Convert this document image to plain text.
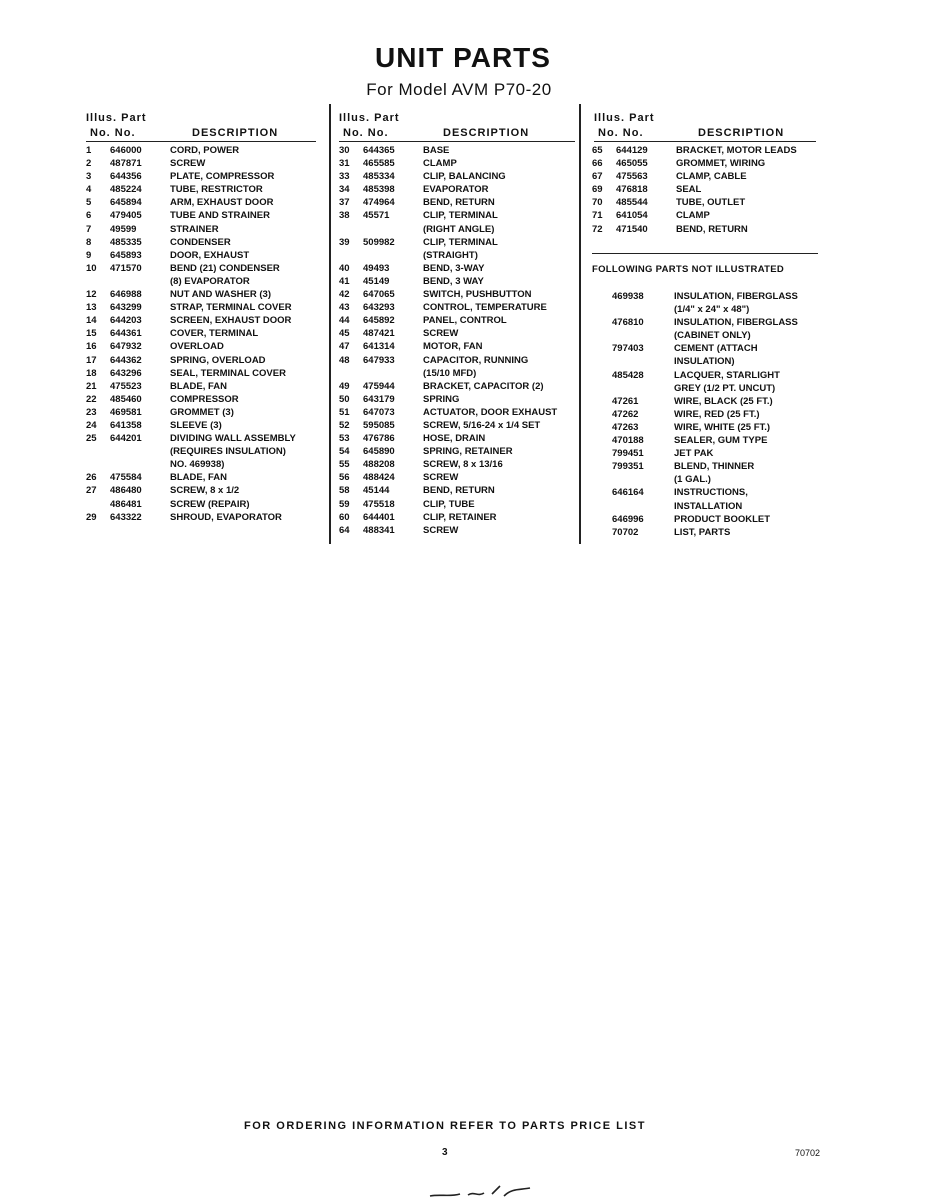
UNIT PARTS
For Model AVM P70-20
Illus. Part
No. No.	DESCRIPTION
1 646000	CORD, POWER
2 487871	SCREW
3 644356	PLATE, COMPRESSOR
4 485224	TUBE, RESTRICTOR
5 645894	ARM, EXHAUST DOOR
6 479405	TUBE AND STRAINER
7 49599	STRAINER
8 485335	CONDENSER
9 645893	DOOR, EXHAUST
10 471570	BEND (21) CONDENSER
(8) EVAPORATOR
12 646988	NUT AND WASHER (3)
13 643299	STRAP, TERMINAL COVER
14 644203	SCREEN, EXHAUST DOOR
15 644361	COVER, TERMINAL
16 647932	OVERLOAD
17 644362	SPRING, OVERLOAD
18 643296	SEAL, TERMINAL COVER
21 475523	BLADE, FAN
22 485460	COMPRESSOR
23 469581	GROMMET (3)
24 641358	SLEEVE (3)
25 644201	DIVIDING WALL ASSEMBLY
(REQUIRES INSULATION)
NO. 469938)
26 475584	BLADE, FAN
27 486480	SCREW, 8 x 1/2
486481	SCREW (REPAIR)
29 643322	SHROUD, EVAPORATOR
Illus. Part
No. No.	DESCRIPTION
30 644365	BASE
31 465585	CLAMP
33 485334	CLIP, BALANCING
34 485398	EVAPORATOR
37 474964	BEND, RETURN
38 45571	CLIP, TERMINAL
(RIGHT ANGLE)
39 509982	CLIP, TERMINAL
(STRAIGHT)
40 49493	BEND, 3-WAY
41 45149	BEND, 3 WAY
42 647065	SWITCH, PUSHBUTTON
43 643293	CONTROL, TEMPERATURE
44 645892	PANEL, CONTROL
45 487421	SCREW
47 641314	MOTOR, FAN
48 647933	CAPACITOR, RUNNING
(15/10 MFD)
49 475944	BRACKET, CAPACITOR (2)
50 643179	SPRING
51 647073	ACTUATOR, DOOR EXHAUST
52 595085	SCREW, 5/16-24 x 1/4 SET
53 476786	HOSE, DRAIN
54 645890	SPRING, RETAINER
55 488208	SCREW, 8 x 13/16
56 488424	SCREW
58 45144	BEND, RETURN
59 475518	CLIP, TUBE
60 644401	CLIP, RETAINER
64 488341	SCREW
Illus. Part
No. No.	DESCRIPTION
65 644129	BRACKET, MOTOR LEADS
66 465055	GROMMET, WIRING
67 475563	CLAMP, CABLE
69 476818	SEAL
70 485544	TUBE, OUTLET
71 641054	CLAMP
72 471540	BEND, RETURN
FOLLOWING PARTS NOT ILLUSTRATED
469938	INSULATION, FIBERGLASS
(1/4" x 24" x 48")
476810	INSULATION, FIBERGLASS
(CABINET ONLY)
797403	CEMENT (ATTACH
INSULATION)
485428	LACQUER, STARLIGHT
GREY (1/2 PT. UNCUT)
47261	WIRE, BLACK (25 FT.)
47262	WIRE, RED (25 FT.)
47263	WIRE, WHITE (25 FT.)
470188	SEALER, GUM TYPE
799451	JET PAK
799351	BLEND, THINNER
(1 GAL.)
646164	INSTRUCTIONS,
INSTALLATION
646996	PRODUCT BOOKLET
70702	LIST, PARTS
FOR ORDERING INFORMATION REFER TO PARTS PRICE LIST
3	70702
